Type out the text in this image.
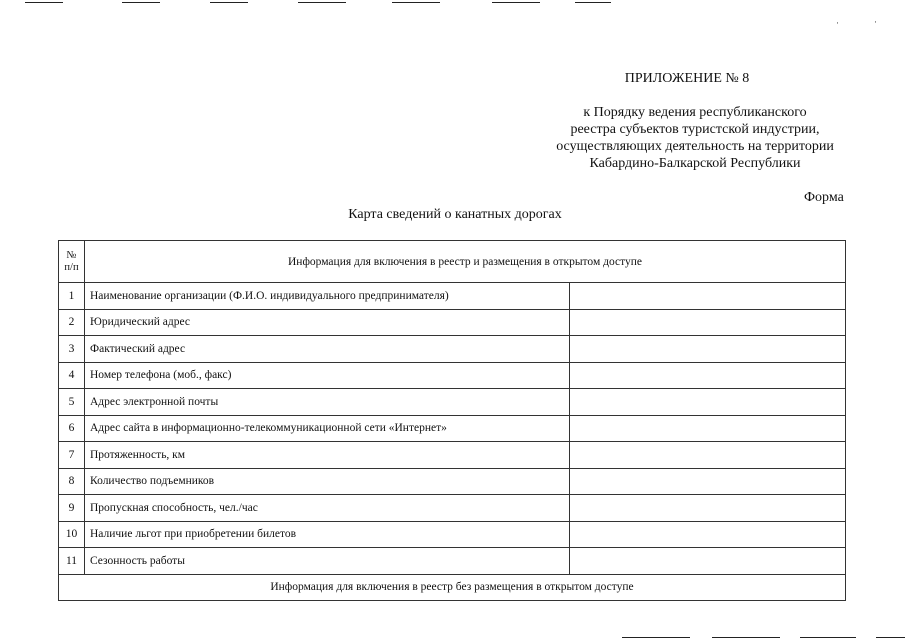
·	·
ПРИЛОЖЕНИЕ № 8
к Порядку ведения республиканского
реестра субъектов туристской индустрии,
осуществляющих деятельность на территории
Кабардино-Балкарской Республики
Форма
Карта сведений о канатных дорогах
№
п/п	Информация для включения в реестр и размещения в открытом доступе	
1	Наименование организации (Ф.И.О. индивидуального предпринимателя)	
2	Юридический адрес	
3	Фактический адрес	
4	Номер телефона (моб., факс)	
5	Адрес электронной почты	
6	Адрес сайта в информационно-телекоммуникационной сети «Интернет»	
7	Протяженность, км	
8	Количество подъемников	
9	Пропускная способность, чел./час	
10	Наличие льгот при приобретении билетов	
11	Сезонность работы	
Информация для включения в реестр без размещения в открытом доступе		
